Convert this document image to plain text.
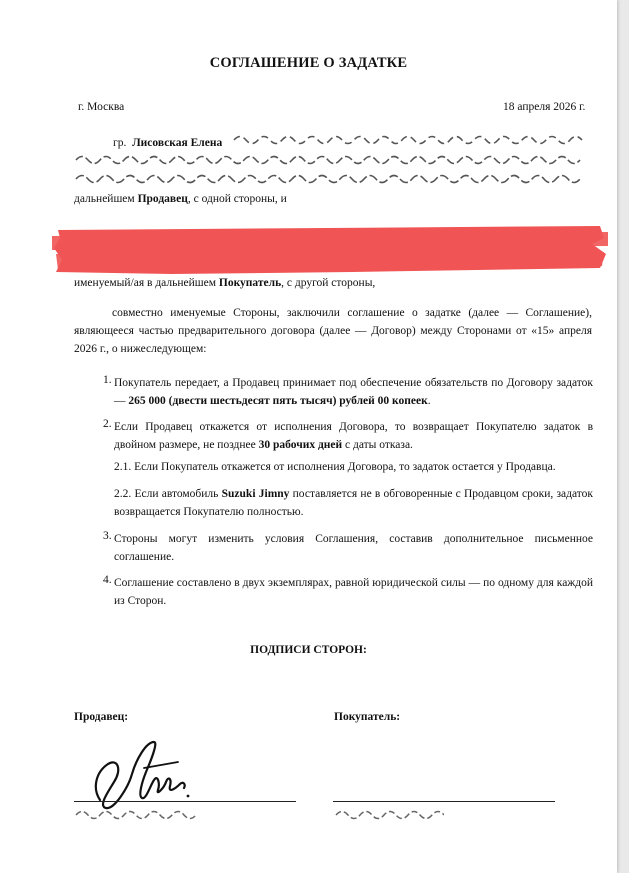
СОГЛАШЕНИЕ О ЗАДАТКЕ
г. Москва	18 апреля 2026 г.
гр. Лисовская Елена
дальнейшем Продавец, с одной стороны, и
именуемый/ая в дальнейшем Покупатель, с другой стороны,
совместно именуемые Стороны, заключили соглашение о задатке (далее — Соглашение), являющееся частью предварительного договора (далее — Договор) между Сторонами от «15» апреля 2026 г., о нижеследующем:
1. Покупатель передает, а Продавец принимает под обеспечение обязательств по Договору задаток — 265 000 (двести шестьдесят пять тысяч) рублей 00 копеек.
2. Если Продавец откажется от исполнения Договора, то возвращает Покупателю задаток в двойном размере, не позднее 30 рабочих дней с даты отказа.
2.1. Если Покупатель откажется от исполнения Договора, то задаток остается у Продавца.
2.2. Если автомобиль Suzuki Jimny поставляется не в обговоренные с Продавцом сроки, задаток возвращается Покупателю полностью.
3. Стороны могут изменить условия Соглашения, составив дополнительное письменное соглашение.
4. Соглашение составлено в двух экземплярах, равной юридической силы — по одному для каждой из Сторон.
ПОДПИСИ СТОРОН:
Продавец:	Покупатель:
